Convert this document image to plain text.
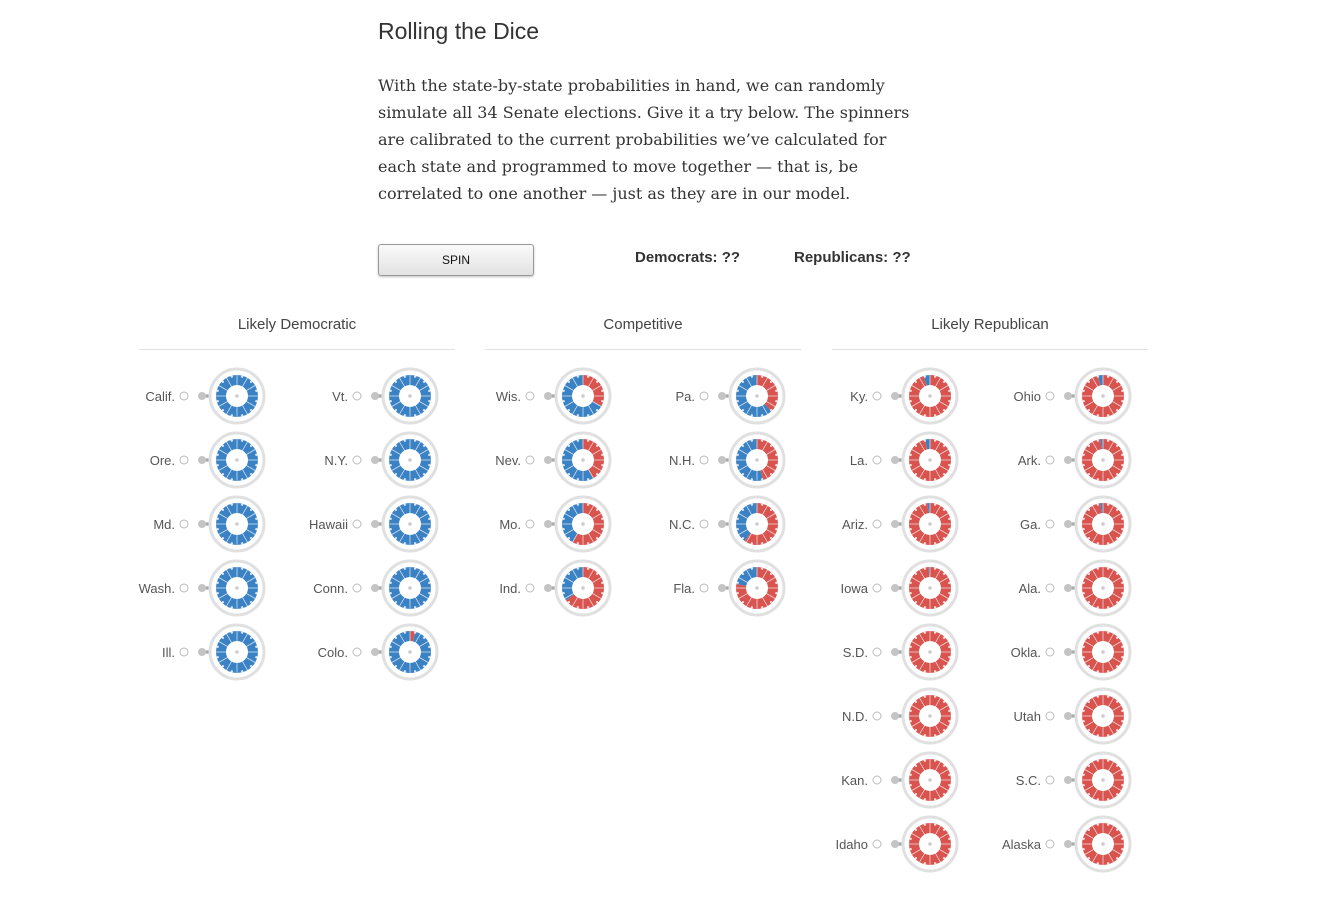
Rolling the Dice

With the state-by-state probabilities in hand, we can randomly simulate all 34 Senate elections. Give it a try below. The spinners are calibrated to the current probabilities we’ve calculated for each state and programmed to move together — that is, be correlated to one another — just as they are in our model.

SPIN	Democrats: ??	Republicans: ??
Likely Democratic	Competitive	Likely Republican
Calif.	Vt.
Ore.	N.Y.
Md.	Hawaii
Wash.	Conn.
Ill.	Colo.
Wis.	Pa.
Nev.	N.H.
Mo.	N.C.
Ind.	Fla.
Ky.	Ohio
La.	Ark.
Ariz.	Ga.
Iowa	Ala.
S.D.	Okla.
N.D.	Utah
Kan.	S.C.
Idaho	Alaska
